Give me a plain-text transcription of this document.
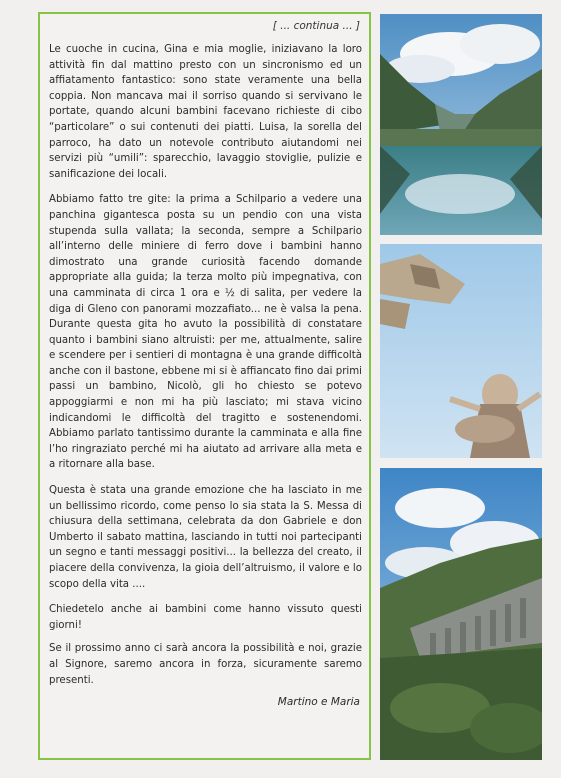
[ ... continua ... ]

Le cuoche in cucina, Gina e mia moglie, iniziavano la loro attività fin dal mattino presto con un sincronismo ed un affiatamento fantastico: sono state veramente una bella coppia. Non mancava mai il sorriso quando si servivano le portate, quando alcuni bambini facevano richieste di cibo “particolare” o sui contenuti dei piatti. Luisa, la sorella del parroco, ha dato un notevole contributo aiutandomi nei servizi più “umili”: sparecchio, lavaggio stoviglie, pulizie e sanificazione dei locali.

Abbiamo fatto tre gite: la prima a Schilpario a vedere una panchina gigantesca posta su un pendio con una vista stupenda sulla vallata; la seconda, sempre a Schilpario all’interno delle miniere di ferro dove i bambini hanno dimostrato una grande curiosità facendo domande appropriate alla guida; la terza molto più impegnativa, con una camminata di circa 1 ora e ½ di salita, per vedere la diga di Gleno con panorami mozzafiato... ne è valsa la pena. Durante questa gita ho avuto la possibilità di constatare quanto i bambini siano altruisti: per me, attualmente, salire e scendere per i sentieri di montagna è una grande difficoltà anche con il bastone, ebbene mi si è affiancato fino dai primi passi un bambino, Nicolò, gli ho chiesto se potevo appoggiarmi e non mi ha più lasciato; mi stava vicino indicandomi le difficoltà del tragitto e sostenendomi. Abbiamo parlato tantissimo durante la camminata e alla fine l’ho ringraziato perché mi ha aiutato ad arrivare alla meta e a ritornare alla base.

Questa è stata una grande emozione che ha lasciato in me un bellissimo ricordo, come penso lo sia stata la S. Messa di chiusura della settimana, celebrata da don Gabriele e don Umberto il sabato mattina, lasciando in tutti noi partecipanti un segno e tanti messaggi positivi... la bellezza del creato, il piacere della convivenza, la gioia dell’altruismo, il valore e lo scopo della vita ....

Chiedetelo anche ai bambini come hanno vissuto questi giorni!

Se il prossimo anno ci sarà ancora la possibilità e noi, grazie al Signore, saremo ancora in forza, sicuramente saremo presenti.

Martino e Maria
